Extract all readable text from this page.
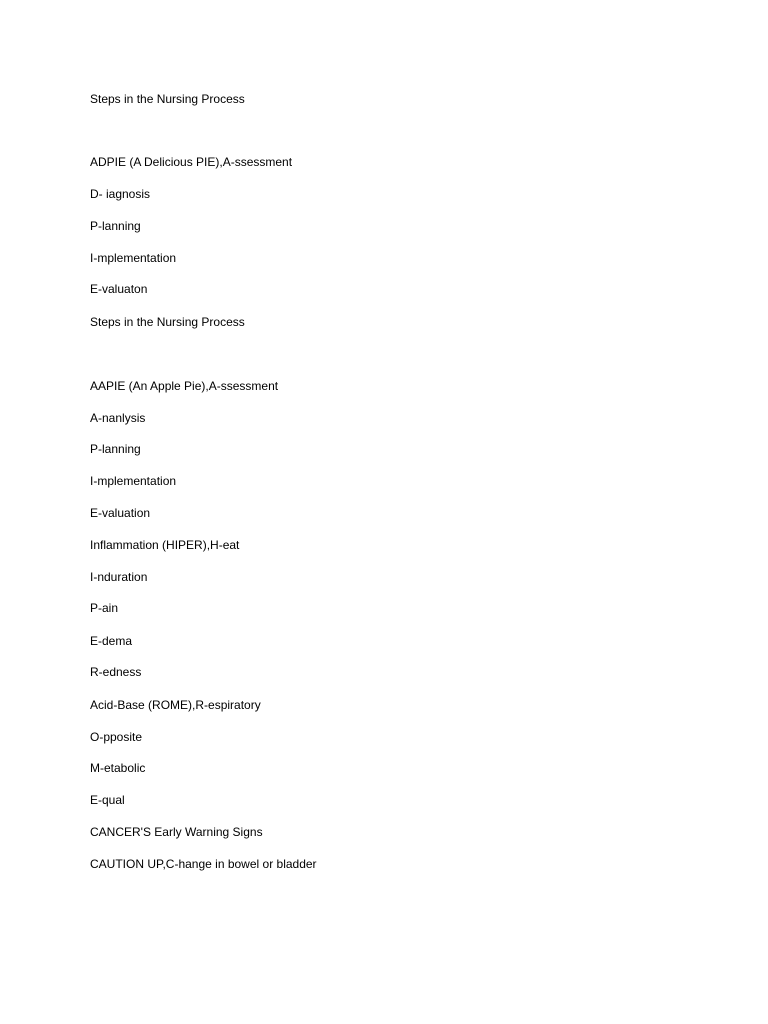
Steps in the Nursing Process

ADPIE (A Delicious PIE),A-ssessment

D- iagnosis

P-lanning

I-mplementation

E-valuaton

Steps in the Nursing Process

AAPIE (An Apple Pie),A-ssessment

A-nanlysis

P-lanning

I-mplementation

E-valuation

Inflammation (HIPER),H-eat

I-nduration

P-ain

E-dema

R-edness

Acid-Base (ROME),R-espiratory

O-pposite

M-etabolic

E-qual

CANCER'S Early Warning Signs

CAUTION UP,C-hange in bowel or bladder
